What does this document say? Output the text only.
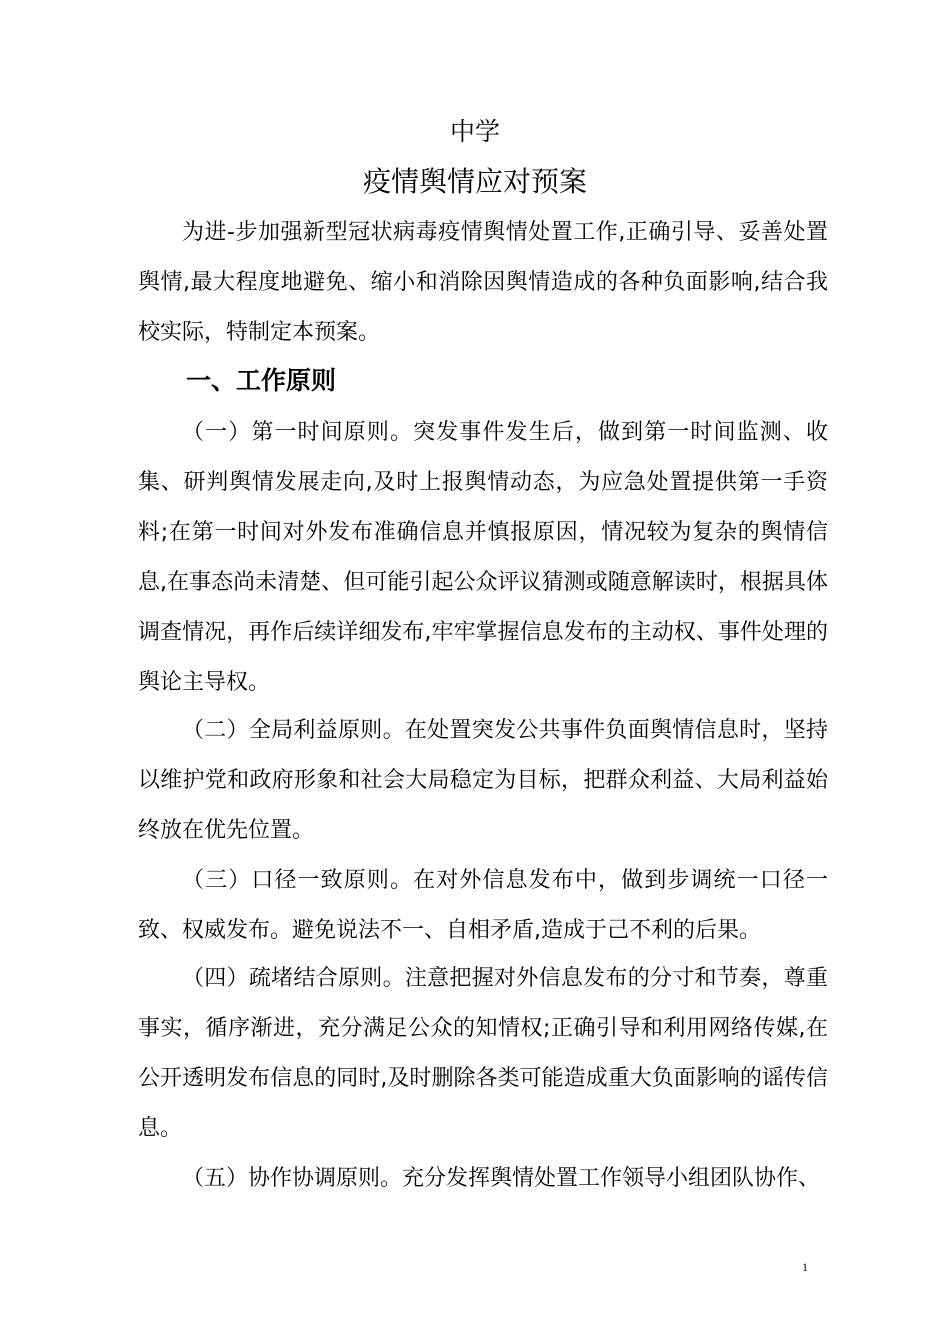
中学
疫情舆情应对预案

为进-步加强新型冠状病毒疫情舆情处置工作,正确引导、妥善处置舆情,最大程度地避免、缩小和消除因舆情造成的各种负面影响,结合我校实际，特制定本预案。

一、工作原则

（一）第一时间原则。突发事件发生后，做到第一时间监测、收集、研判舆情发展走向,及时上报舆情动态，为应急处置提供第一手资料;在第一时间对外发布准确信息并慎报原因，情况较为复杂的舆情信息,在事态尚未清楚、但可能引起公众评议猜测或随意解读时，根据具体调查情况，再作后续详细发布,牢牢掌握信息发布的主动权、事件处理的舆论主导权。

（二）全局利益原则。在处置突发公共事件负面舆情信息时，坚持以维护党和政府形象和社会大局稳定为目标，把群众利益、大局利益始终放在优先位置。

（三）口径一致原则。在对外信息发布中，做到步调统一口径一致、权威发布。避免说法不一、自相矛盾,造成于己不利的后果。

（四）疏堵结合原则。注意把握对外信息发布的分寸和节奏，尊重事实，循序渐进，充分满足公众的知情权;正确引导和利用网络传媒,在公开透明发布信息的同时,及时删除各类可能造成重大负面影响的谣传信息。

（五）协作协调原则。充分发挥舆情处置工作领导小组团队协作、

1
